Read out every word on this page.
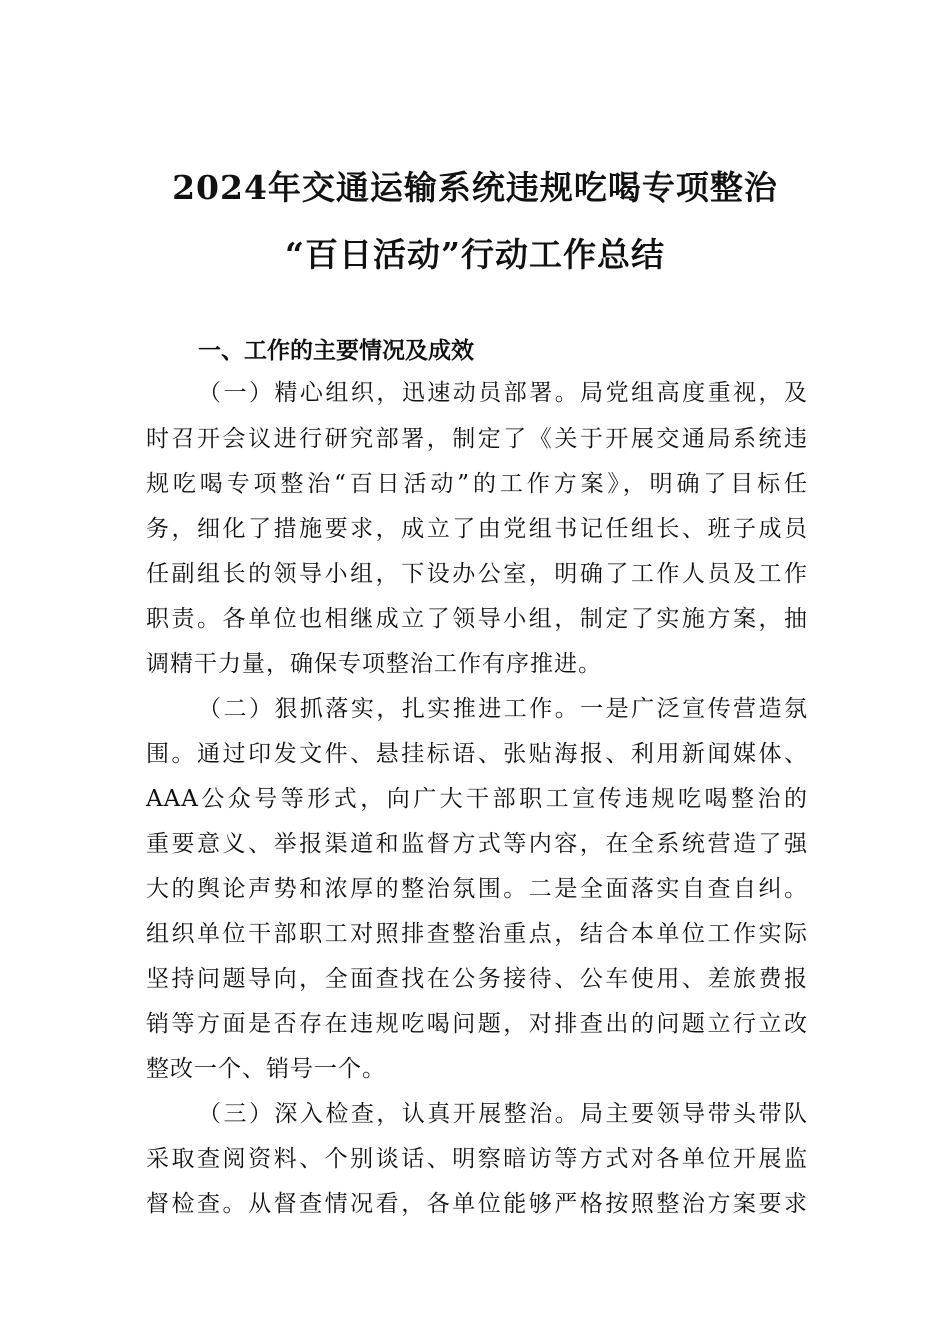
2024年交通运输系统违规吃喝专项整治
“百日活动”行动工作总结
一、工作的主要情况及成效
（一）精心组织，迅速动员部署。局党组高度重视，及
时召开会议进行研究部署，制定了《关于开展交通局系统违
规吃喝专项整治“百日活动”的工作方案》，明确了目标任
务，细化了措施要求，成立了由党组书记任组长、班子成员
任副组长的领导小组，下设办公室，明确了工作人员及工作
职责。各单位也相继成立了领导小组，制定了实施方案，抽
调精干力量，确保专项整治工作有序推进。
（二）狠抓落实，扎实推进工作。一是广泛宣传营造氛
围。通过印发文件、悬挂标语、张贴海报、利用新闻媒体、
AAA公众号等形式，向广大干部职工宣传违规吃喝整治的
重要意义、举报渠道和监督方式等内容，在全系统营造了强
大的舆论声势和浓厚的整治氛围。二是全面落实自查自纠。
组织单位干部职工对照排查整治重点，结合本单位工作实际
坚持问题导向，全面查找在公务接待、公车使用、差旅费报
销等方面是否存在违规吃喝问题，对排查出的问题立行立改
整改一个、销号一个。
（三）深入检查，认真开展整治。局主要领导带头带队
采取查阅资料、个别谈话、明察暗访等方式对各单位开展监
督检查。从督查情况看，各单位能够严格按照整治方案要求
